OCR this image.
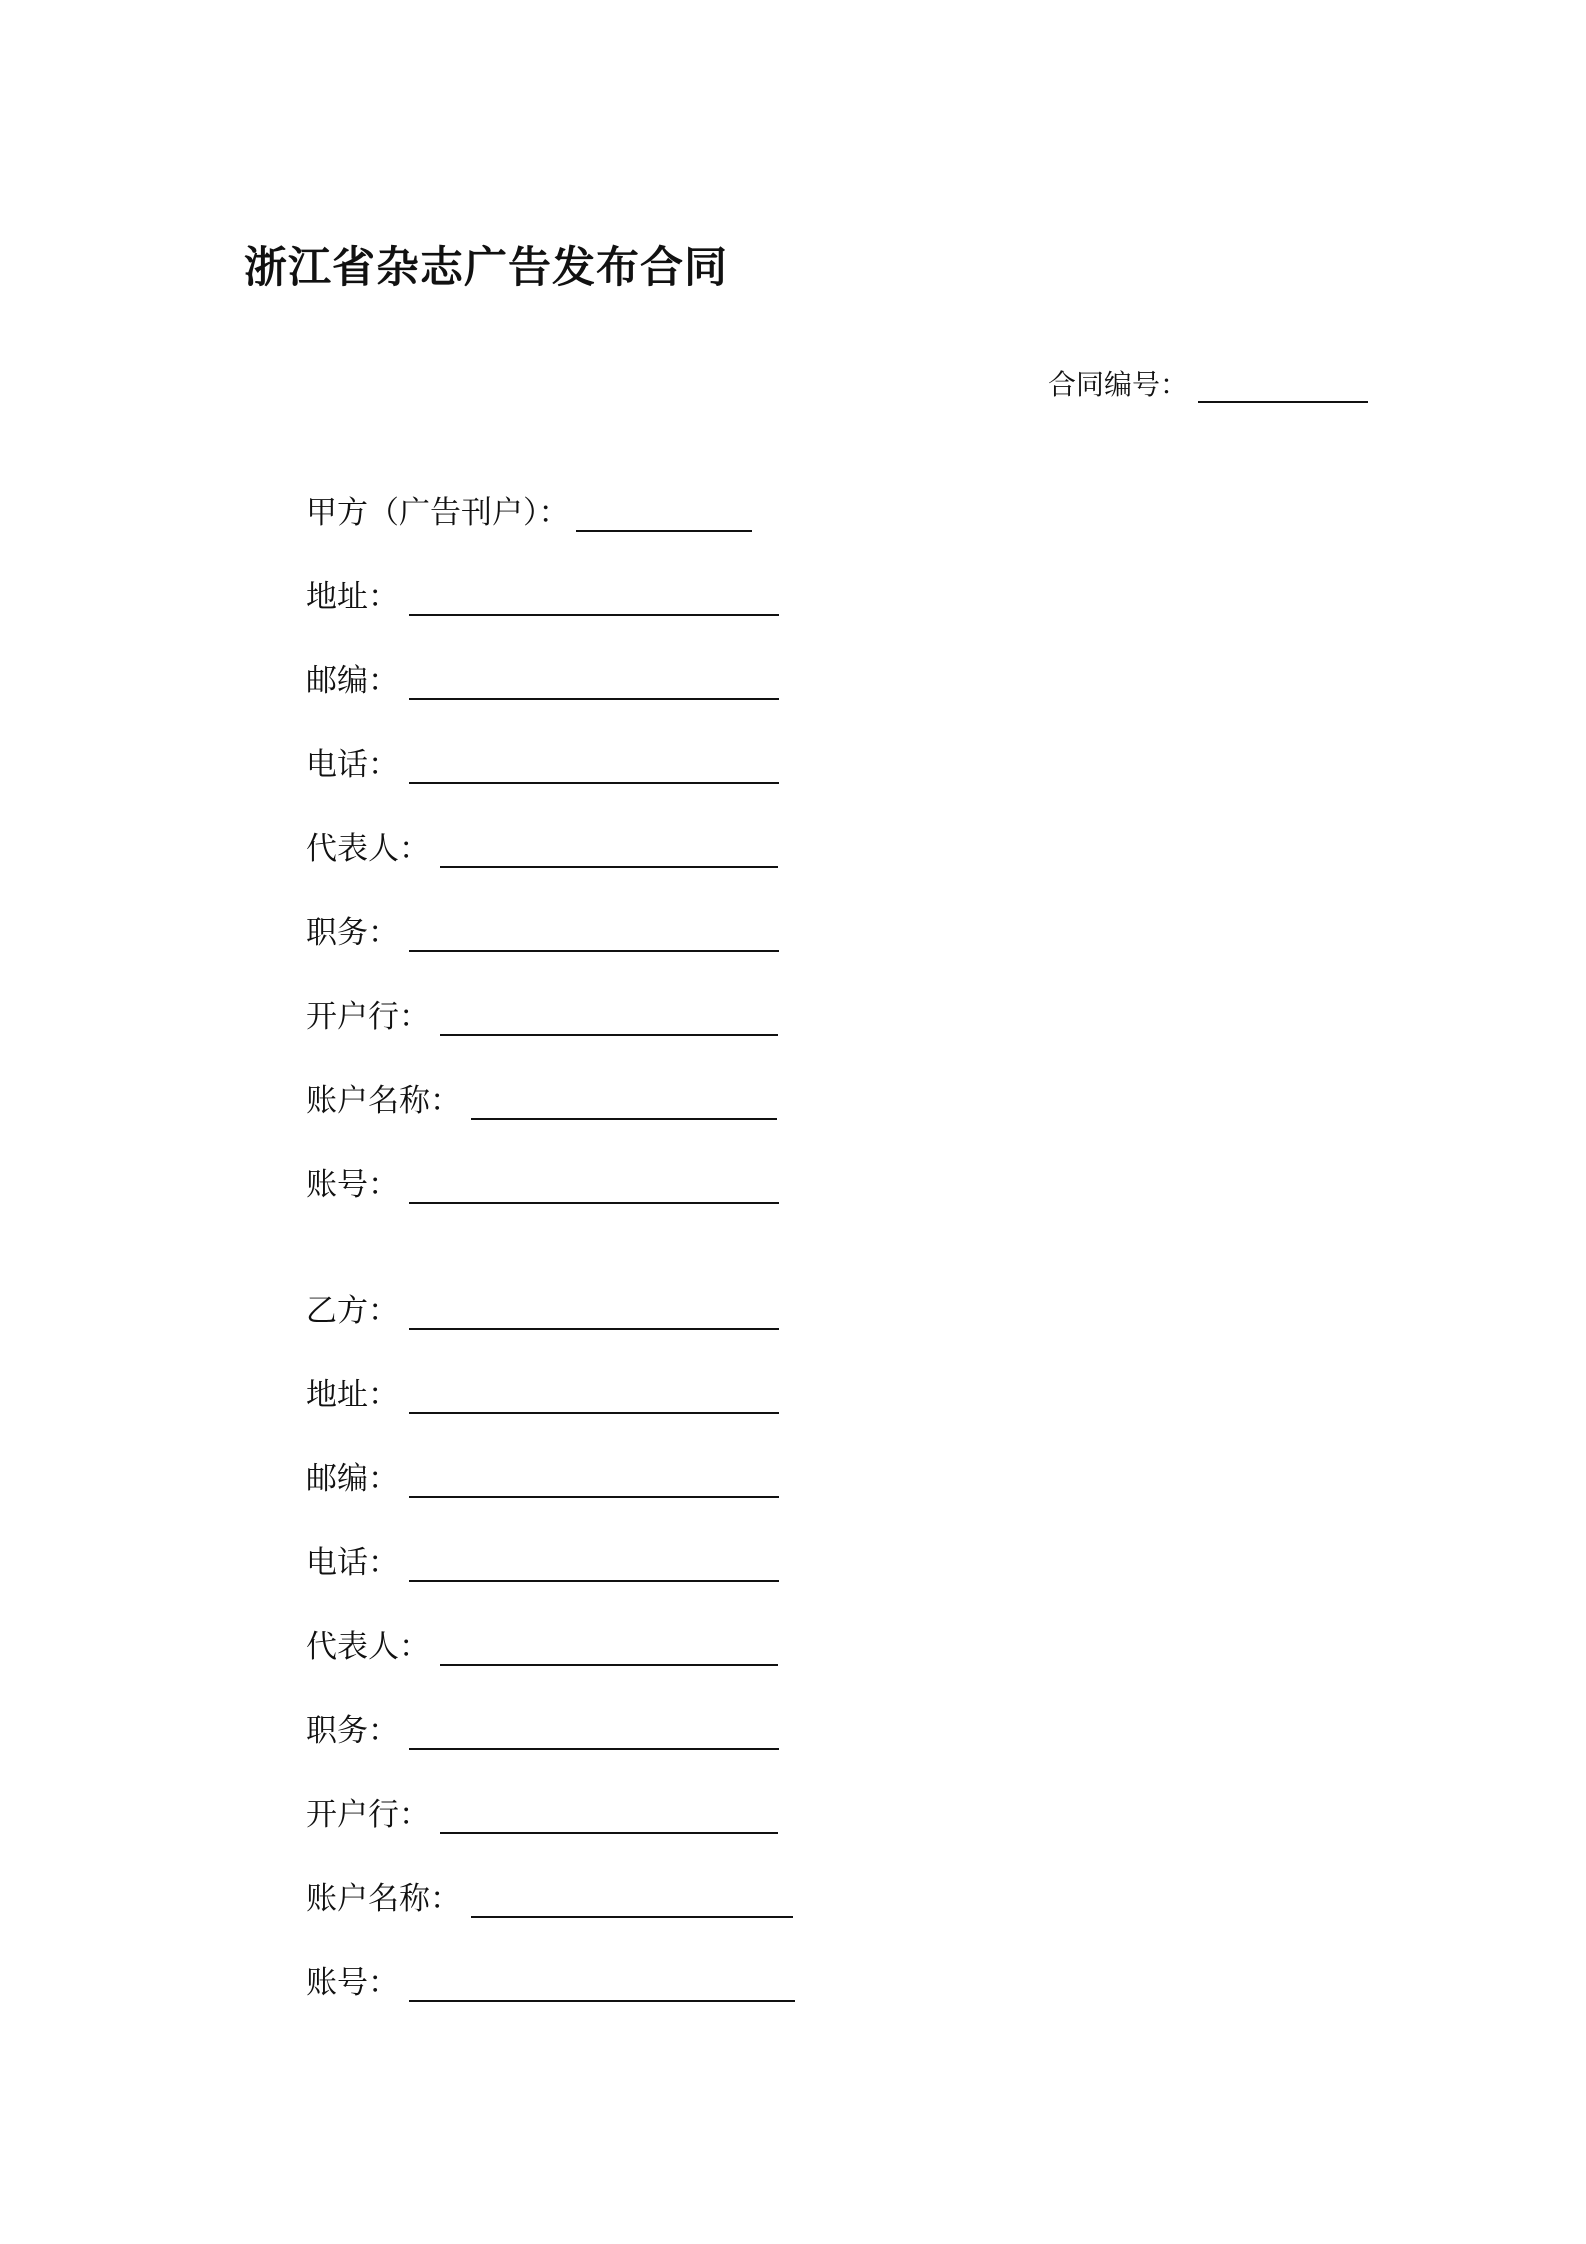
浙江省杂志广告发布合同
合同编号：
甲方（广告刊户）：
地址：
邮编：
电话：
代表人：
职务：
开户行：
账户名称：
账号：
乙方：
地址：
邮编：
电话：
代表人：
职务：
开户行：
账户名称：
账号：
